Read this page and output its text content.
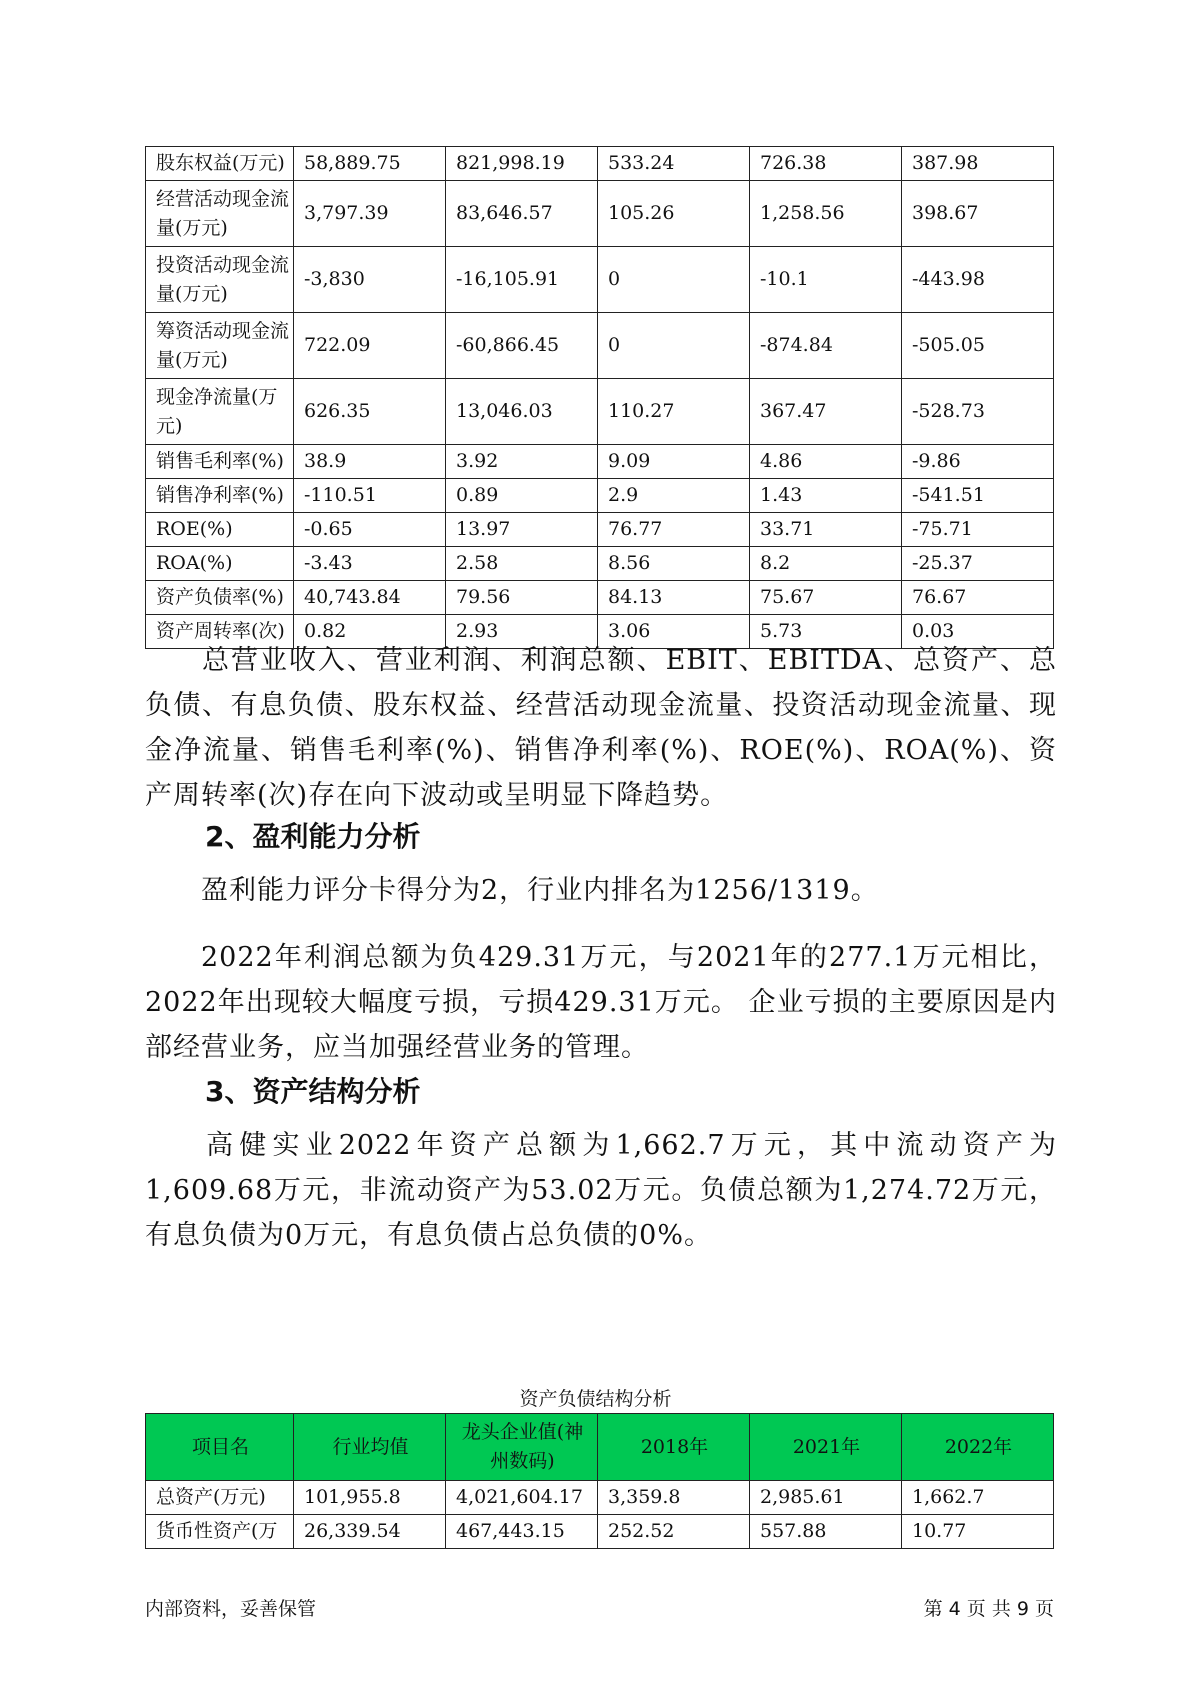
股东权益(万元)	58,889.75	821,998.19	533.24	726.38	387.98
经营活动现金流量(万元)	3,797.39	83,646.57	105.26	1,258.56	398.67
投资活动现金流量(万元)	-3,830	-16,105.91	0	-10.1	-443.98
筹资活动现金流量(万元)	722.09	-60,866.45	0	-874.84	-505.05
现金净流量(万元)	626.35	13,046.03	110.27	367.47	-528.73
销售毛利率(%)	38.9	3.92	9.09	4.86	-9.86
销售净利率(%)	-110.51	0.89	2.9	1.43	-541.51
ROE(%)	-0.65	13.97	76.77	33.71	-75.71
ROA(%)	-3.43	2.58	8.56	8.2	-25.37
资产负债率(%)	40,743.84	79.56	84.13	75.67	76.67
资产周转率(次)	0.82	2.93	3.06	5.73	0.03

总营业收入、营业利润、利润总额、EBIT、EBITDA、总资产、总负债、有息负债、股东权益、经营活动现金流量、投资活动现金流量、现金净流量、销售毛利率(%)、销售净利率(%)、ROE(%)、ROA(%)、资产周转率(次)存在向下波动或呈明显下降趋势。

2、盈利能力分析

盈利能力评分卡得分为2，行业内排名为1256/1319。

2022年利润总额为负429.31万元，与2021年的277.1万元相比，2022年出现较大幅度亏损，亏损429.31万元。 企业亏损的主要原因是内部经营业务，应当加强经营业务的管理。

3、资产结构分析

高健实业2022年资产总额为1,662.7万元，其中流动资产为1,609.68万元，非流动资产为53.02万元。负债总额为1,274.72万元，有息负债为0万元，有息负债占总负债的0%。

资产负债结构分析
项目名	行业均值	龙头企业值(神州数码)	2018年	2021年	2022年
总资产(万元)	101,955.8	4,021,604.17	3,359.8	2,985.61	1,662.7
货币性资产(万	26,339.54	467,443.15	252.52	557.88	10.77
内部资料，妥善保管	第 4 页 共 9 页
